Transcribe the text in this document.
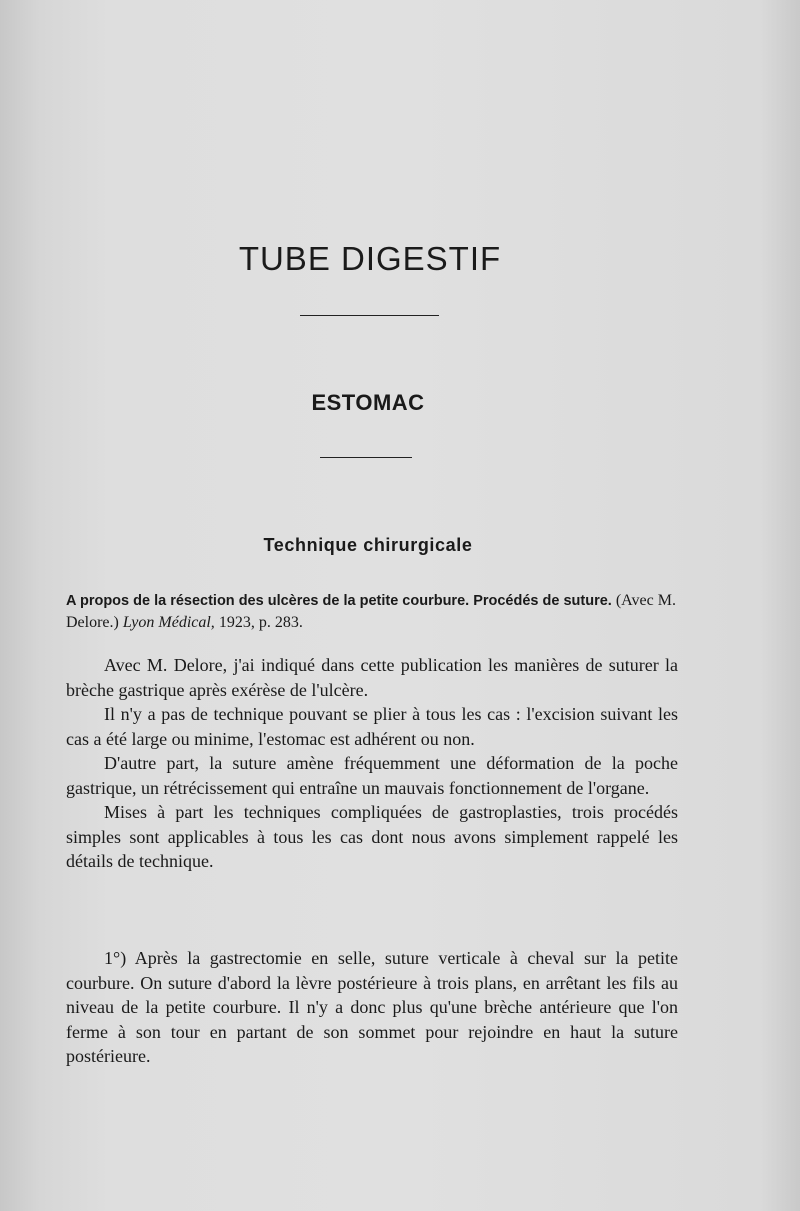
TUBE DIGESTIF
ESTOMAC
Technique chirurgicale
A propos de la résection des ulcères de la petite courbure. Procédés de suture. (Avec M. Delore.) Lyon Médical, 1923, p. 283.

Avec M. Delore, j'ai indiqué dans cette publication les manières de suturer la brèche gastrique après exérèse de l'ulcère.

Il n'y a pas de technique pouvant se plier à tous les cas : l'excision suivant les cas a été large ou minime, l'estomac est adhérent ou non.

D'autre part, la suture amène fréquemment une déformation de la poche gastrique, un rétrécissement qui entraîne un mauvais fonctionnement de l'organe.

Mises à part les techniques compliquées de gastroplasties, trois procédés simples sont applicables à tous les cas dont nous avons simplement rappelé les détails de technique.

1°) Après la gastrectomie en selle, suture verticale à cheval sur la petite courbure. On suture d'abord la lèvre postérieure à trois plans, en arrêtant les fils au niveau de la petite courbure. Il n'y a donc plus qu'une brèche antérieure que l'on ferme à son tour en partant de son sommet pour rejoindre en haut la suture postérieure.
